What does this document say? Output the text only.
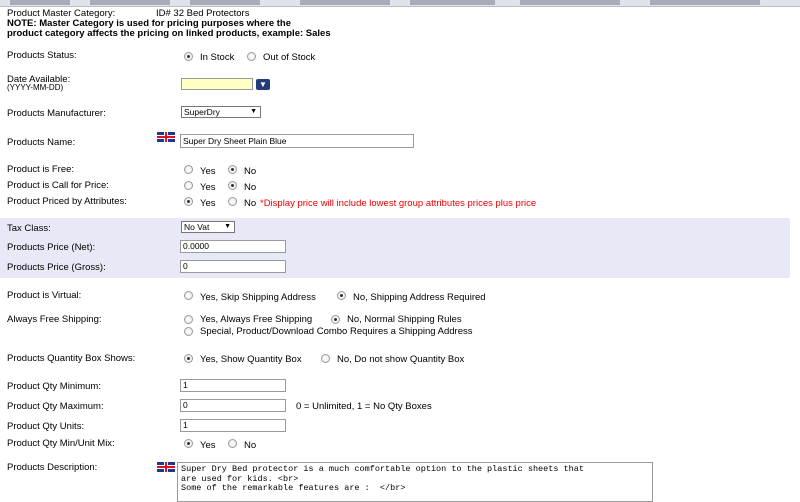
Product Master Category:	ID# 32 Bed Protectors
NOTE: Master Category is used for pricing purposes where the
product category affects the pricing on linked products, example: Sales
Products Status:	In Stock	Out of Stock
Date Available:
(YYYY-MM-DD)	▼
Products Manufacturer:	SuperDry	▼
Products Name:	Super Dry Sheet Plain Blue
Product is Free:	Yes	No
Product is Call for Price:	Yes	No
Product Priced by Attributes:	Yes	No *Display price will include lowest group attributes prices plus price
Tax Class:	No Vat ▼
Products Price (Net):	0.0000
Products Price (Gross):	0
Product is Virtual:	Yes, Skip Shipping Address	No, Shipping Address Required
Always Free Shipping:	Yes, Always Free Shipping	No, Normal Shipping Rules
Special, Product/Download Combo Requires a Shipping Address
Products Quantity Box Shows:	Yes, Show Quantity Box	No, Do not show Quantity Box
Product Qty Minimum:	1
Product Qty Maximum:	0	0 = Unlimited, 1 = No Qty Boxes
Product Qty Units:	1
Product Qty Min/Unit Mix:	Yes	No
Products Description:	Super Dry Bed protector is a much comfortable option to the plastic sheets that
are used for kids. <br>
Some of the remarkable features are :  </br>
